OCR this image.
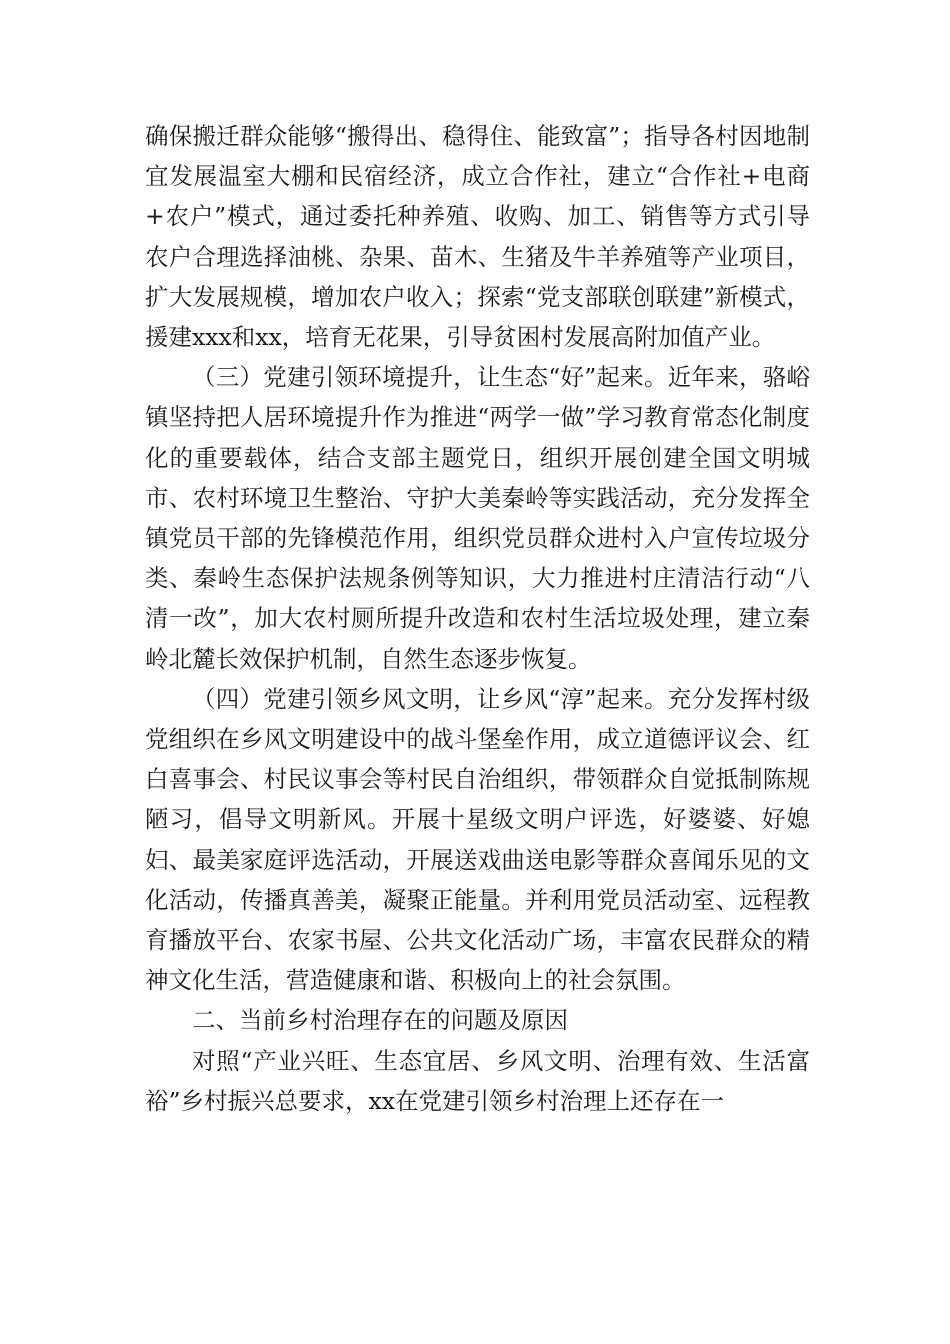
确保搬迁群众能够“搬得出、稳得住、能致富”；指导各村因地制宜发展温室大棚和民宿经济，成立合作社，建立“合作社+电商+农户”模式，通过委托种养殖、收购、加工、销售等方式引导农户合理选择油桃、杂果、苗木、生猪及牛羊养殖等产业项目，扩大发展规模，增加农户收入；探索“党支部联创联建”新模式，援建xxx和xx，培育无花果，引导贫困村发展高附加值产业。

（三）党建引领环境提升，让生态“好”起来。近年来，骆峪镇坚持把人居环境提升作为推进“两学一做”学习教育常态化制度化的重要载体，结合支部主题党日，组织开展创建全国文明城市、农村环境卫生整治、守护大美秦岭等实践活动，充分发挥全镇党员干部的先锋模范作用，组织党员群众进村入户宣传垃圾分类、秦岭生态保护法规条例等知识，大力推进村庄清洁行动“八清一改”，加大农村厕所提升改造和农村生活垃圾处理，建立秦岭北麓长效保护机制，自然生态逐步恢复。

（四）党建引领乡风文明，让乡风“淳”起来。充分发挥村级党组织在乡风文明建设中的战斗堡垒作用，成立道德评议会、红白喜事会、村民议事会等村民自治组织，带领群众自觉抵制陈规陋习，倡导文明新风。开展十星级文明户评选，好婆婆、好媳妇、最美家庭评选活动，开展送戏曲送电影等群众喜闻乐见的文化活动，传播真善美，凝聚正能量。并利用党员活动室、远程教育播放平台、农家书屋、公共文化活动广场，丰富农民群众的精神文化生活，营造健康和谐、积极向上的社会氛围。

二、当前乡村治理存在的问题及原因

对照“产业兴旺、生态宜居、乡风文明、治理有效、生活富裕”乡村振兴总要求，xx在党建引领乡村治理上还存在一
